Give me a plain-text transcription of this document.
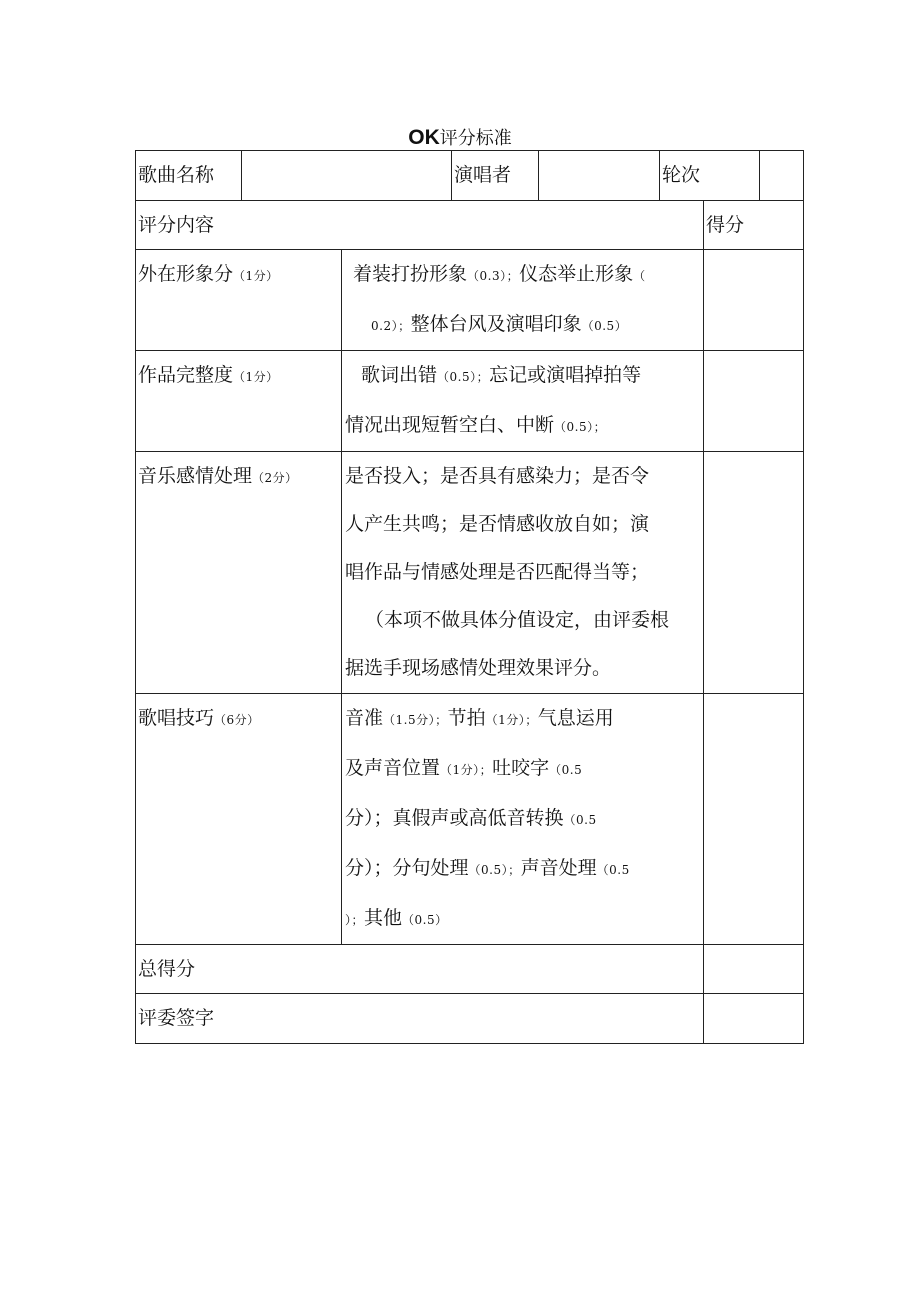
OK评分标准
歌曲名称			演唱者		轮次		
评分内容						得分	
外在形象分（1分）		着装打扮形象（0.3）；仪态举止形象（
0.2）；整体台风及演唱印象（0.5）					

作品完整度（1分）		歌词出错（0.5）；忘记或演唱掉拍等
情况出现短暂空白、中断（0.5）；					

音乐感情处理（2分）		是否投入；是否具有感染力；是否令
人产生共鸣；是否情感收放自如；演
唱作品与情感处理是否匹配得当等；
（本项不做具体分值设定，由评委根
据选手现场感情处理效果评分。					

歌唱技巧（6分）		音准（1.5分）；节拍（1分）；气息运用
及声音位置（1分）；吐咬字（0.5
分）；真假声或高低音转换（0.5
分）；分句处理（0.5）；声音处理（0.5
）；其他（0.5）					

总得分							
评委签字							
